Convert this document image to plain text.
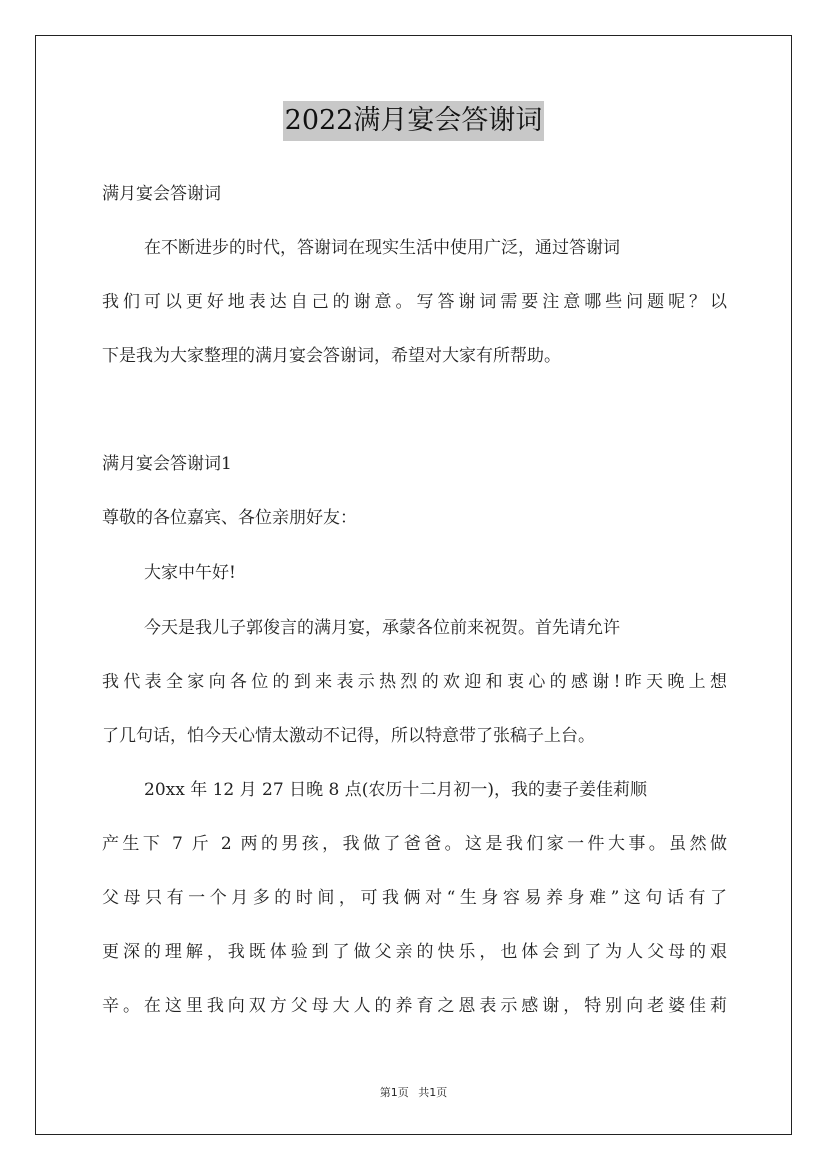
2022满月宴会答谢词

满月宴会答谢词

在不断进步的时代，答谢词在现实生活中使用广泛，通过答谢词

我们可以更好地表达自己的谢意。写答谢词需要注意哪些问题呢？以

下是我为大家整理的满月宴会答谢词，希望对大家有所帮助。

满月宴会答谢词1

尊敬的各位嘉宾、各位亲朋好友：

大家中午好!

今天是我儿子郭俊言的满月宴，承蒙各位前来祝贺。首先请允许

我代表全家向各位的到来表示热烈的欢迎和衷心的感谢!昨天晚上想

了几句话，怕今天心情太激动不记得，所以特意带了张稿子上台。

20xx 年 12 月 27 日晚 8 点(农历十二月初一)，我的妻子姜佳莉顺

产生下 7 斤 2 两的男孩，我做了爸爸。这是我们家一件大事。虽然做

父母只有一个月多的时间，可我俩对“生身容易养身难”这句话有了

更深的理解，我既体验到了做父亲的快乐，也体会到了为人父母的艰

辛。在这里我向双方父母大人的养育之恩表示感谢，特别向老婆佳莉

第1页 共1页
